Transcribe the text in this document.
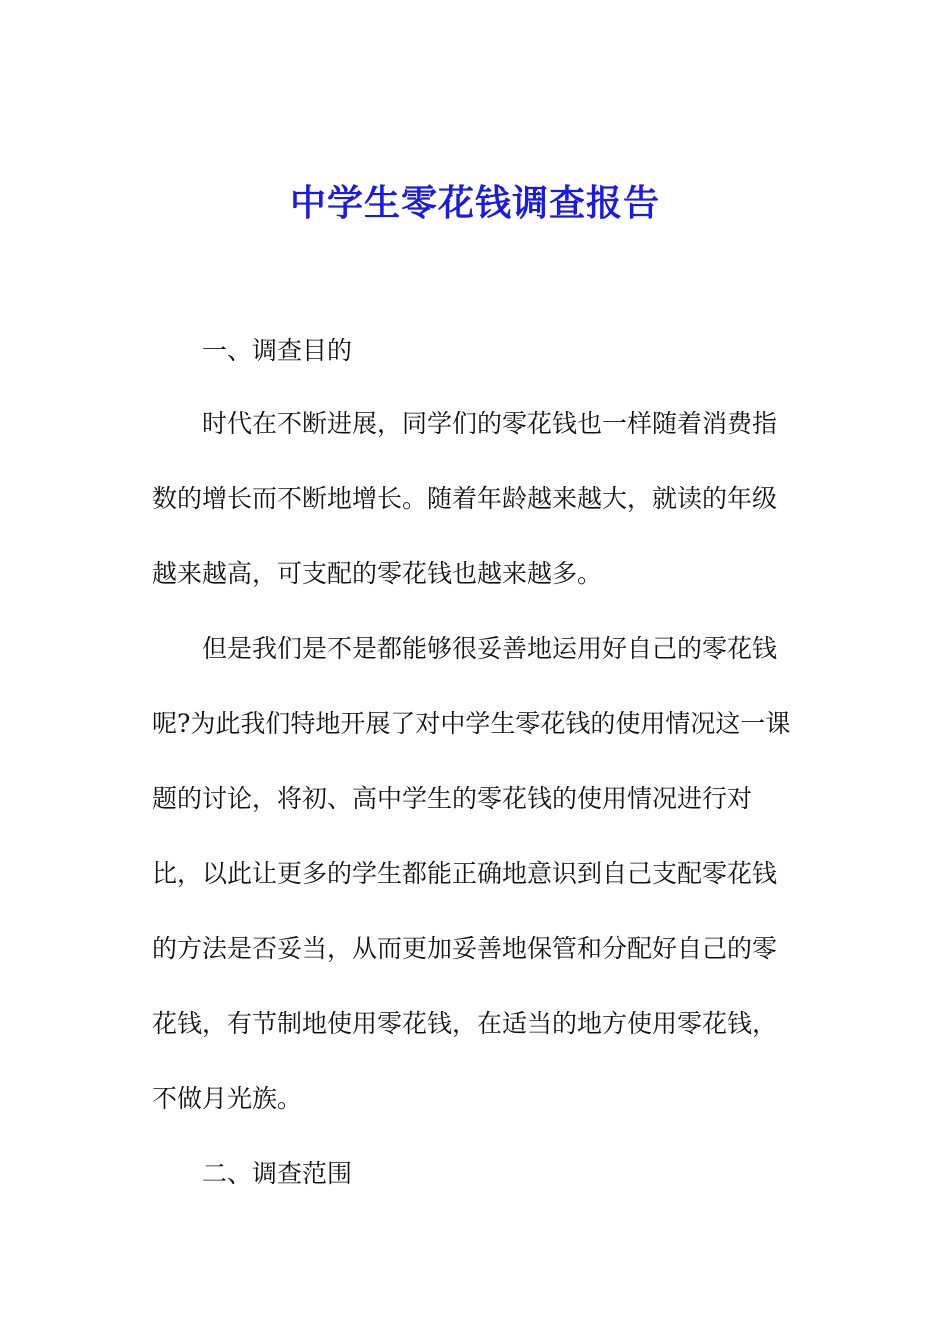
中学生零花钱调查报告
一、调查目的
时代在不断进展，同学们的零花钱也一样随着消费指
数的增长而不断地增长。随着年龄越来越大，就读的年级
越来越高，可支配的零花钱也越来越多。
但是我们是不是都能够很妥善地运用好自己的零花钱
呢?为此我们特地开展了对中学生零花钱的使用情况这一课
题的讨论，将初、高中学生的零花钱的使用情况进行对
比，以此让更多的学生都能正确地意识到自己支配零花钱
的方法是否妥当，从而更加妥善地保管和分配好自己的零
花钱，有节制地使用零花钱，在适当的地方使用零花钱，
不做月光族。
二、调查范围
